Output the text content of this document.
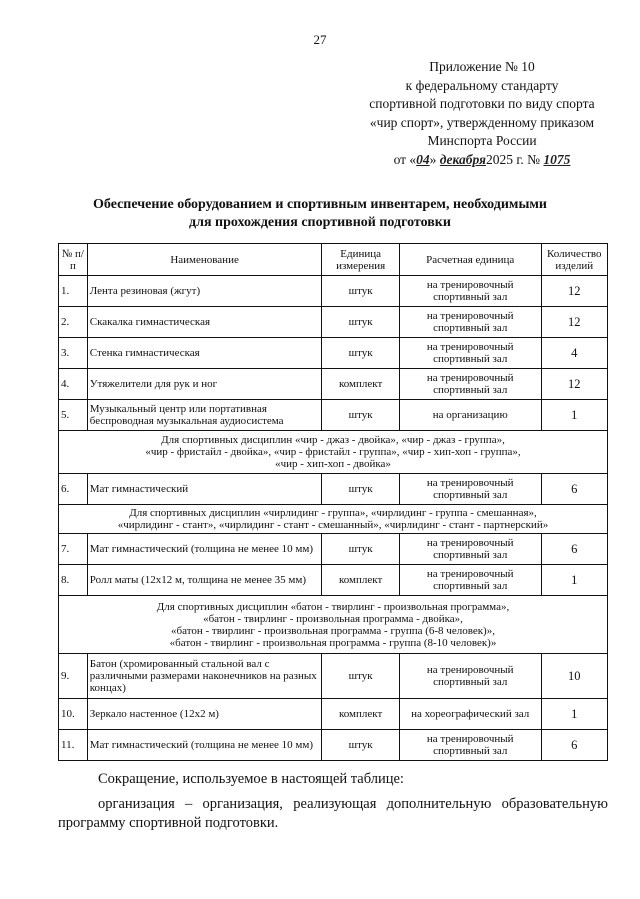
27
Приложение № 10
к федеральному стандарту
спортивной подготовки по виду спорта
«чир спорт», утвержденному приказом
Минспорта России
от «04» декабря2025 г. № 1075
Обеспечение оборудованием и спортивным инвентарем, необходимыми
для прохождения спортивной подготовки
№ п/п	Наименование	Единица измерения	Расчетная единица	Количество изделий
1.	Лента резиновая (жгут)	штук	на тренировочный спортивный зал	12
2.	Скакалка гимнастическая	штук	на тренировочный спортивный зал	12
3.	Стенка гимнастическая	штук	на тренировочный спортивный зал	4
4.	Утяжелители для рук и ног	комплект	на тренировочный спортивный зал	12
5.	Музыкальный центр или портативная беспроводная музыкальная аудиосистема	штук	на организацию	1

Для спортивных дисциплин «чир - джаз - двойка», «чир - джаз - группа»,
«чир - фристайл - двойка», «чир - фристайл - группа», «чир - хип-хоп - группа»,
«чир - хип-хоп - двойка»				

6.	Мат гимнастический	штук	на тренировочный спортивный зал	6

Для спортивных дисциплин «чирлидинг - группа», «чирлидинг - группа - смешанная»,
«чирлидинг - стант», «чирлидинг - стант - смешанный», «чирлидинг - стант - партнерский»				

7.	Мат гимнастический (толщина не менее 10 мм)	штук	на тренировочный спортивный зал	6
8.	Ролл маты (12х12 м, толщина не менее 35 мм)	комплект	на тренировочный спортивный зал	1

Для спортивных дисциплин «батон - твирлинг - произвольная программа»,
«батон - твирлинг - произвольная программа - двойка»,
«батон - твирлинг - произвольная программа - группа (6-8 человек)»,
«батон - твирлинг - произвольная программа - группа (8-10 человек)»				

9.	Батон (хромированный стальной вал с различными размерами наконечников на разных концах)	штук	на тренировочный спортивный зал	10
10.	Зеркало настенное (12х2 м)	комплект	на хореографический зал	1
11.	Мат гимнастический (толщина не менее 10 мм)	штук	на тренировочный спортивный зал	6
Сокращение, используемое в настоящей таблице:
организация – организация, реализующая дополнительную образовательную программу спортивной подготовки.
